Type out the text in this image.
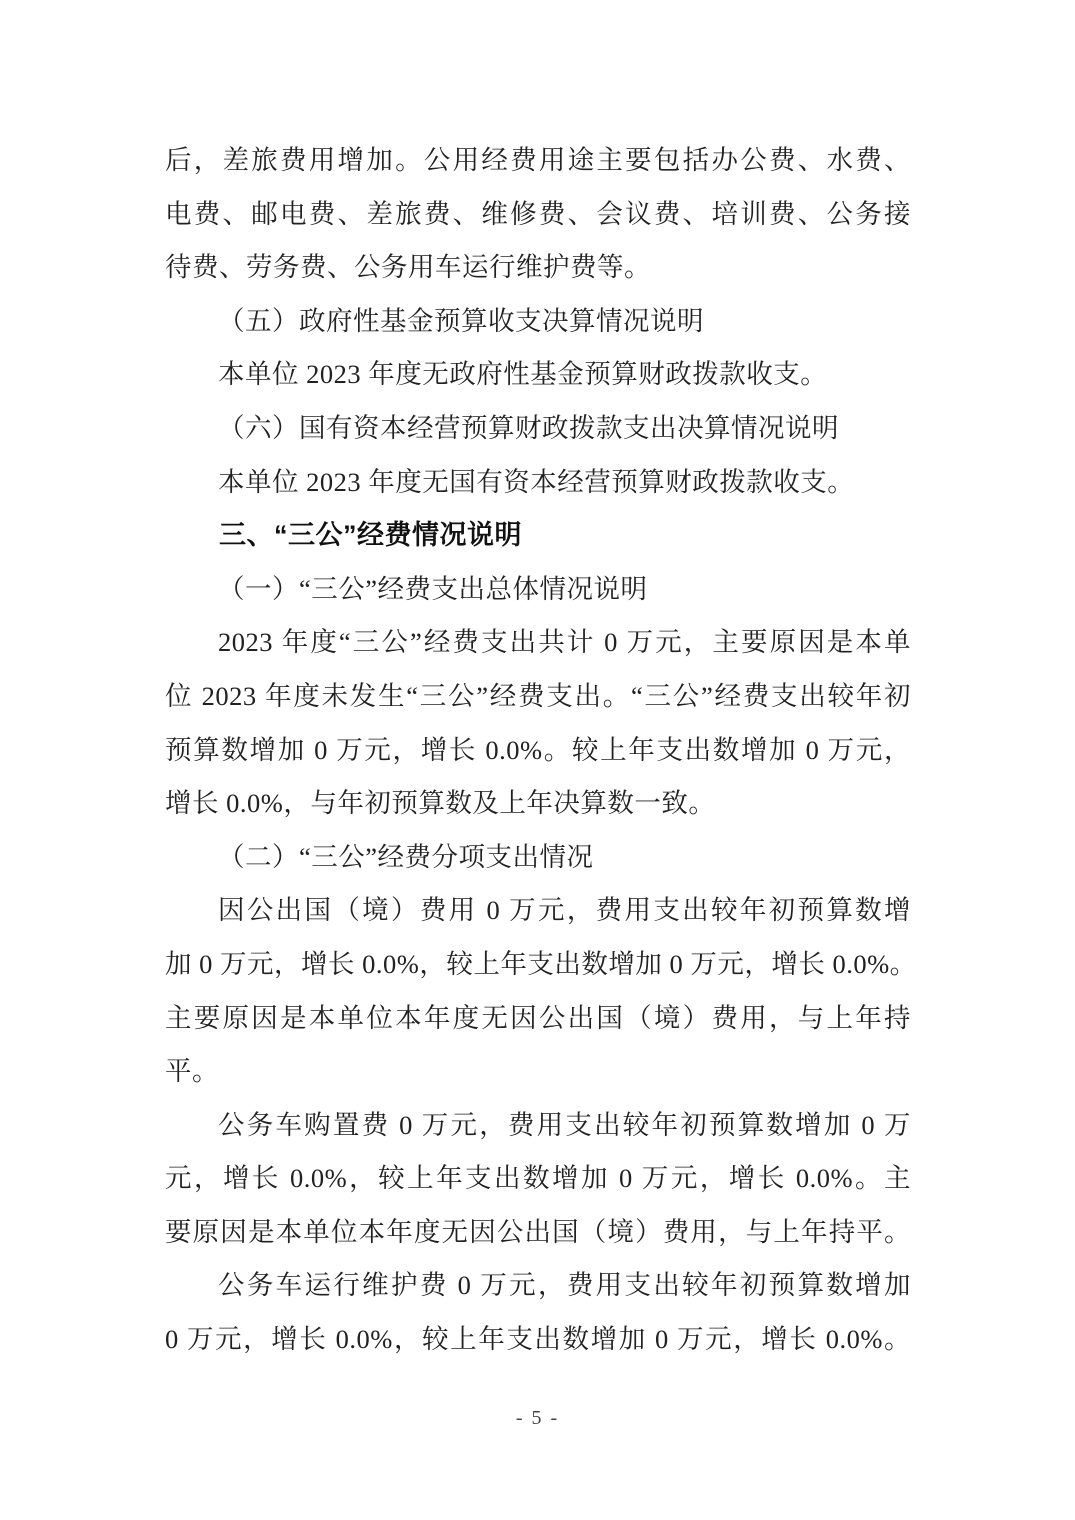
后，差旅费用增加。公用经费用途主要包括办公费、水费、
电费、邮电费、差旅费、维修费、会议费、培训费、公务接
待费、劳务费、公务用车运行维护费等。
（五）政府性基金预算收支决算情况说明
本单位 2023 年度无政府性基金预算财政拨款收支。
（六）国有资本经营预算财政拨款支出决算情况说明
本单位 2023 年度无国有资本经营预算财政拨款收支。
三、“三公”经费情况说明
（一）“三公”经费支出总体情况说明
2023 年度“三公”经费支出共计 0 万元，主要原因是本单
位 2023 年度未发生“三公”经费支出。“三公”经费支出较年初
预算数增加 0 万元，增长 0.0%。较上年支出数增加 0 万元，
增长 0.0%，与年初预算数及上年决算数一致。
（二）“三公”经费分项支出情况
因公出国（境）费用 0 万元，费用支出较年初预算数增
加 0 万元，增长 0.0%，较上年支出数增加 0 万元，增长 0.0%。
主要原因是本单位本年度无因公出国（境）费用，与上年持
平。
公务车购置费 0 万元，费用支出较年初预算数增加 0 万
元，增长 0.0%，较上年支出数增加 0 万元，增长 0.0%。主
要原因是本单位本年度无因公出国（境）费用，与上年持平。
公务车运行维护费 0 万元，费用支出较年初预算数增加
0 万元，增长 0.0%，较上年支出数增加 0 万元，增长 0.0%。
- 5 -
